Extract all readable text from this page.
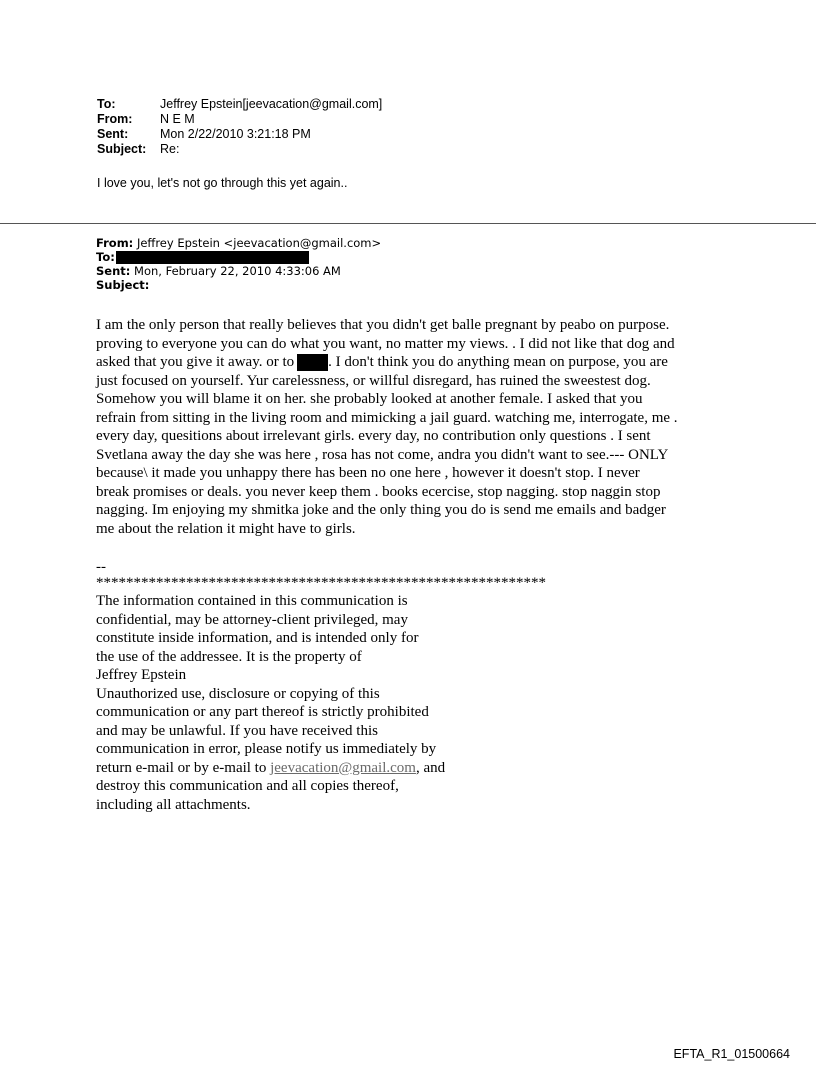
To:	Jeffrey Epstein[jeevacation@gmail.com]
From: N E M
Sent:	Mon 2/22/2010 3:21:18 PM
Subject: Re:
I love you, let's not go through this yet again..
From: Jeffrey Epstein <jeevacation@gmail.com>
To:
Sent: Mon, February 22, 2010 4:33:06 AM
Subject:
I am the only person that really believes that you didn't get balle pregnant by peabo on purpose.
proving to everyone you can do what you want, no matter my views. . I did not like that dog and
asked that you give it away. or to . I don't think you do anything mean on purpose, you are
just focused on yourself. Yur carelessness, or willful disregard, has ruined the sweestest dog.
Somehow you will blame it on her. she probably looked at another female. I asked that you
refrain from sitting in the living room and mimicking a jail guard. watching me, interrogate, me .
every day, quesitions about irrelevant girls. every day, no contribution only questions . I sent
Svetlana away the day she was here , rosa has not come, andra you didn't want to see.--- ONLY
because\ it made you unhappy there has been no one here , however it doesn't stop. I never
break promises or deals. you never keep them . books ecercise, stop nagging. stop naggin stop
nagging. Im enjoying my shmitka joke and the only thing you do is send me emails and badger
me about the relation it might have to girls.
--
************************************************************
The information contained in this communication is
confidential, may be attorney-client privileged, may
constitute inside information, and is intended only for
the use of the addressee. It is the property of
Jeffrey Epstein
Unauthorized use, disclosure or copying of this
communication or any part thereof is strictly prohibited
and may be unlawful. If you have received this
communication in error, please notify us immediately by
return e-mail or by e-mail to jeevacation@gmail.com, and
destroy this communication and all copies thereof,
including all attachments.
EFTA_R1_01500664
